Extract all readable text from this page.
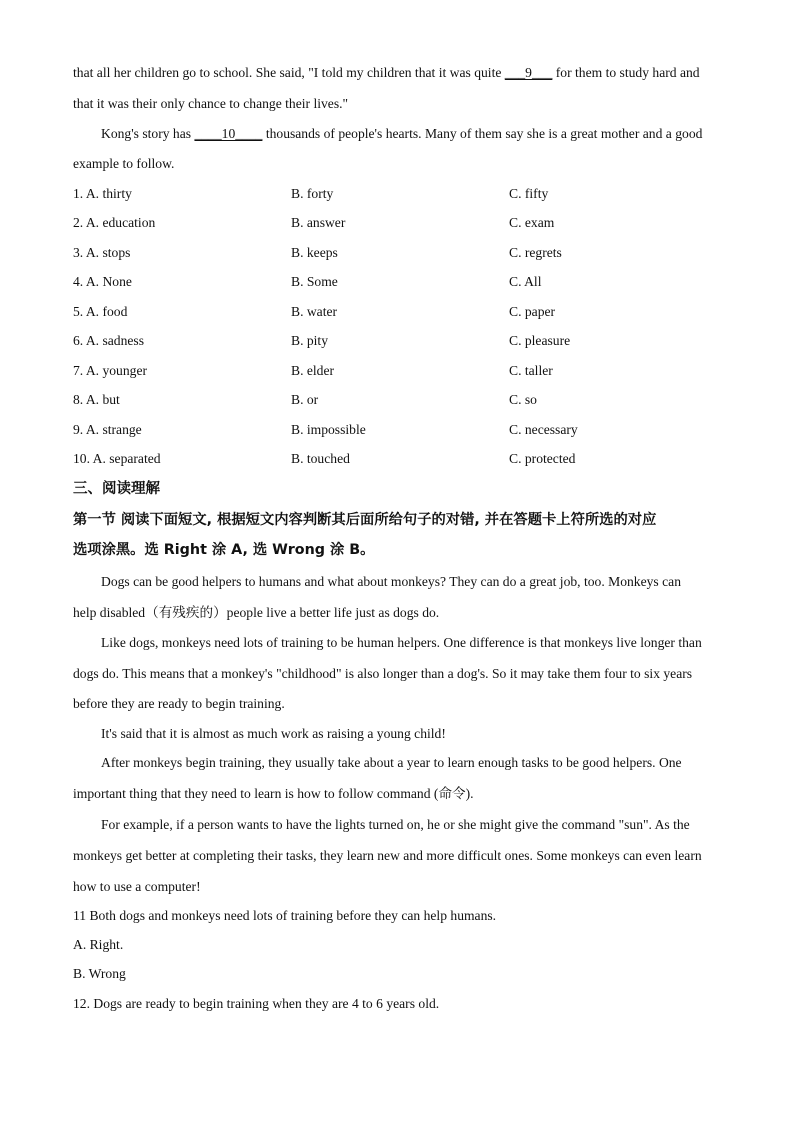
that all her children go to school. She said, "I told my children that it was quite ___9___ for them to study hard and
that it was their only chance to change their lives."
Kong's story has ____10____ thousands of people's hearts. Many of them say she is a great mother and a good
example to follow.
1. A. thirty	B. forty	C. fifty
2. A. education	B. answer	C. exam
3. A. stops	B. keeps	C. regrets
4. A. None	B. Some	C. All
5. A. food	B. water	C. paper
6. A. sadness	B. pity	C. pleasure
7. A. younger	B. elder	C. taller
8. A. but	B. or	C. so
9. A. strange	B. impossible	C. necessary
10. A. separated	B. touched	C. protected
三、阅读理解
第一节 阅读下面短文, 根据短文内容判断其后面所给句子的对错, 并在答题卡上符所选的对应
选项涂黑。选 Right 涂 A, 选 Wrong 涂 B。
Dogs can be good helpers to humans and what about monkeys? They can do a great job, too. Monkeys can
help disabled（有残疾的）people live a better life just as dogs do.
Like dogs, monkeys need lots of training to be human helpers. One difference is that monkeys live longer than
dogs do. This means that a monkey's "childhood" is also longer than a dog's. So it may take them four to six years
before they are ready to begin training.
It's said that it is almost as much work as raising a young child!
After monkeys begin training, they usually take about a year to learn enough tasks to be good helpers. One
important thing that they need to learn is how to follow command (命令).
For example, if a person wants to have the lights turned on, he or she might give the command "sun". As the
monkeys get better at completing their tasks, they learn new and more difficult ones. Some monkeys can even learn
how to use a computer!
11 Both dogs and monkeys need lots of training before they can help humans.
A. Right.
B. Wrong
12. Dogs are ready to begin training when they are 4 to 6 years old.
